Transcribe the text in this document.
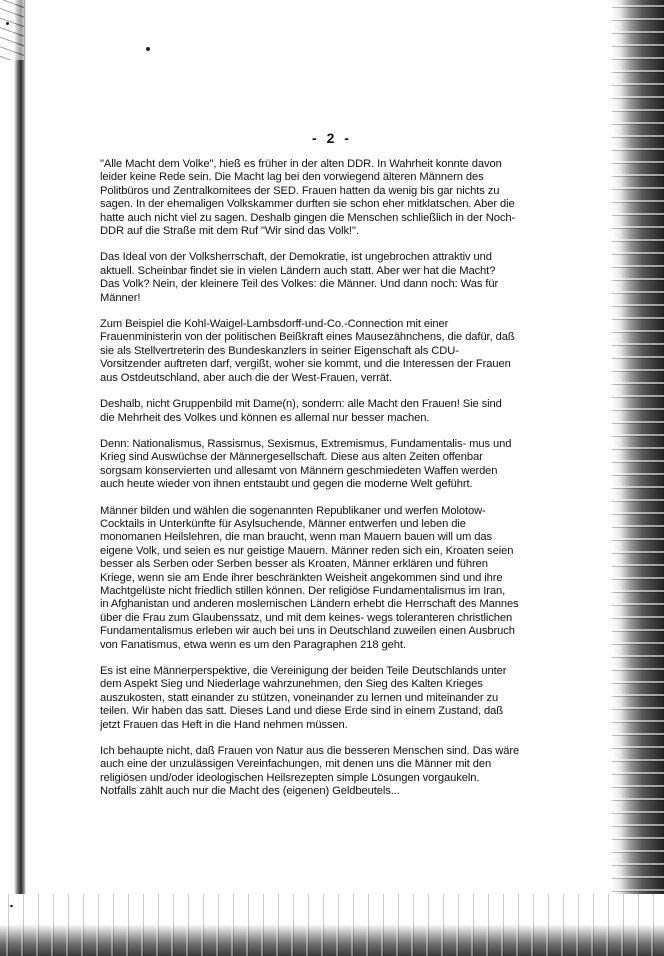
- 2 -

"Alle Macht dem Volke", hieß es früher in der alten DDR. In Wahrheit konnte davon
leider keine Rede sein. Die Macht lag bei den vorwiegend älteren Männern des
Politbüros und Zentralkomitees der SED. Frauen hatten da wenig bis gar nichts zu
sagen. In der ehemaligen Volkskammer durften sie schon eher mitklatschen. Aber die
hatte auch nicht viel zu sagen. Deshalb gingen die Menschen schließlich in der Noch-
DDR auf die Straße mit dem Ruf "Wir sind das Volk!".

Das Ideal von der Volksherrschaft, der Demokratie, ist ungebrochen attraktiv und
aktuell. Scheinbar findet sie in vielen Ländern auch statt. Aber wer hat die Macht?
Das Volk? Nein, der kleinere Teil des Volkes: die Männer. Und dann noch: Was für
Männer!

Zum Beispiel die Kohl-Waigel-Lambsdorff-und-Co.-Connection mit einer
Frauenministerin von der politischen Beißkraft eines Mausezähnchens, die dafür, daß
sie als Stellvertreterin des Bundeskanzlers in seiner Eigenschaft als CDU-
Vorsitzender auftreten darf, vergißt, woher sie kommt, und die Interessen der Frauen
aus Ostdeutschland, aber auch die der West-Frauen, verrät.

Deshalb, nicht Gruppenbild mit Dame(n), sondern: alle Macht den Frauen! Sie sind
die Mehrheit des Volkes und können es allemal nur besser machen.

Denn: Nationalismus, Rassismus, Sexismus, Extremismus, Fundamentalis- mus und
Krieg sind Auswüchse der Männergesellschaft. Diese aus alten Zeiten offenbar
sorgsam konservierten und allesamt von Männern geschmiedeten Waffen werden
auch heute wieder von ihnen entstaubt und gegen die moderne Welt geführt.

Männer bilden und wählen die sogenannten Republikaner und werfen Molotow-
Cocktails in Unterkünfte für Asylsuchende, Männer entwerfen und leben die
monomanen Heilslehren, die man braucht, wenn man Mauern bauen will um das
eigene Volk, und seien es nur geistige Mauern. Männer reden sich ein, Kroaten seien
besser als Serben oder Serben besser als Kroaten, Männer erklären und führen
Kriege, wenn sie am Ende ihrer beschränkten Weisheit angekommen sind und ihre
Machtgelüste nicht friedlich stillen können. Der religiöse Fundamentalismus im Iran,
in Afghanistan und anderen moslemischen Ländern erhebt die Herrschaft des Mannes
über die Frau zum Glaubenssatz, und mit dem keines- wegs toleranteren christlichen
Fundamentalismus erleben wir auch bei uns in Deutschland zuweilen einen Ausbruch
von Fanatismus, etwa wenn es um den Paragraphen 218 geht.

Es ist eine Männerperspektive, die Vereinigung der beiden Teile Deutschlands unter
dem Aspekt Sieg und Niederlage wahrzunehmen, den Sieg des Kalten Krieges
auszukosten, statt einander zu stützen, voneinander zu lernen und miteinander zu
teilen. Wir haben das satt. Dieses Land und diese Erde sind in einem Zustand, daß
jetzt Frauen das Heft in die Hand nehmen müssen.

Ich behaupte nicht, daß Frauen von Natur aus die besseren Menschen sind. Das wäre
auch eine der unzulässigen Vereinfachungen, mit denen uns die Männer mit den
religiösen und/oder ideologischen Heilsrezepten simple Lösungen vorgaukeln.
Notfalls zählt auch nur die Macht des (eigenen) Geldbeutels...
